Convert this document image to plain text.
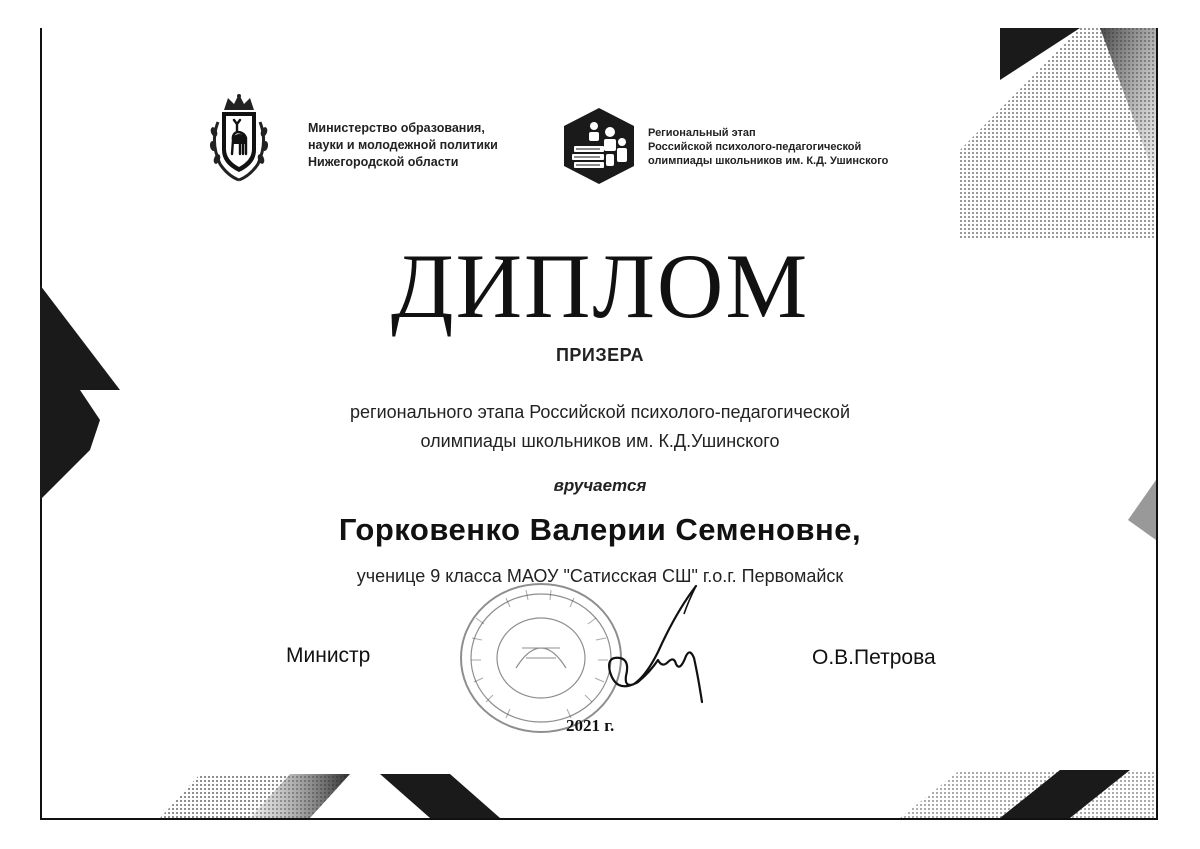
Министерство образования,
науки и молодежной политики
Нижегородской области
Региональный этап
Российской психолого-педагогической
олимпиады школьников им. К.Д. Ушинского
ДИПЛОМ
ПРИЗЕРА
регионального этапа Российской психолого-педагогической
олимпиады школьников им. К.Д.Ушинского
вручается
Горковенко Валерии Семеновне,
ученице 9 класса МАОУ "Сатисская СШ" г.о.г. Первомайск
Министр	О.В.Петрова
2021 г.
